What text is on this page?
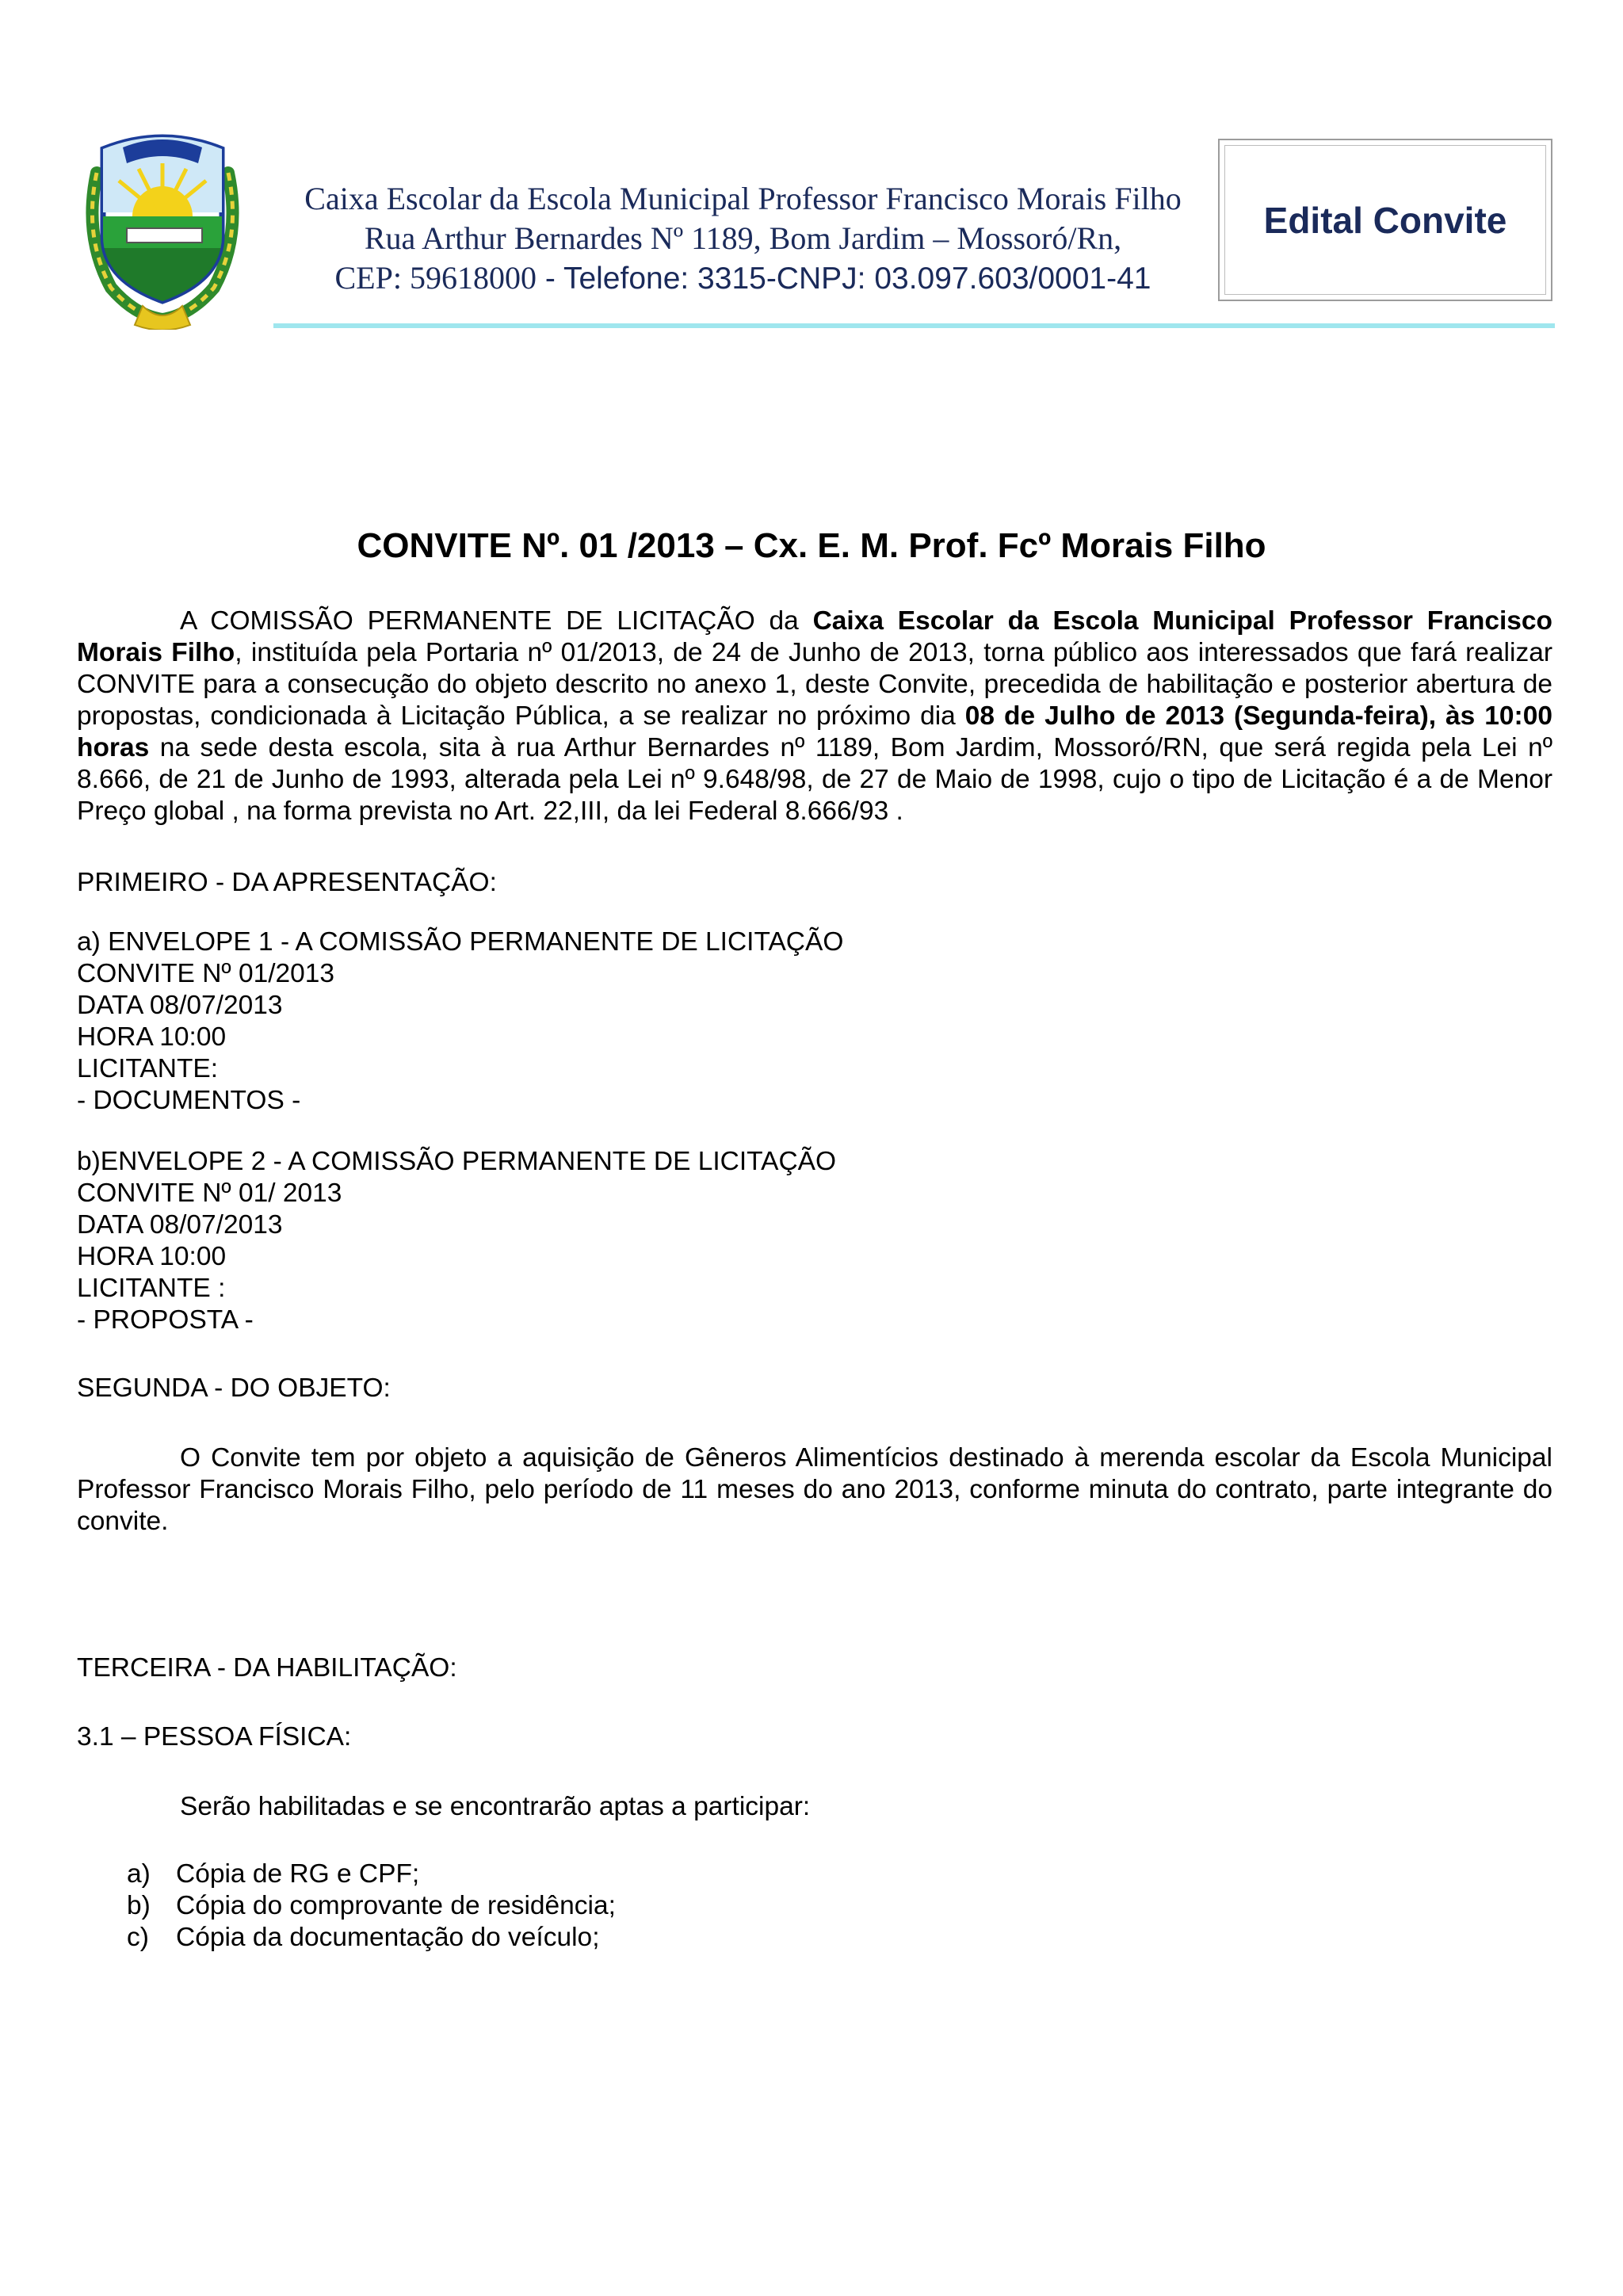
Caixa Escolar da Escola Municipal Professor Francisco Morais Filho
Rua Arthur Bernardes Nº 1189, Bom Jardim – Mossoró/Rn,
CEP: 59618000 - Telefone: 3315-CNPJ: 03.097.603/0001-41
Edital Convite
CONVITE Nº. 01 /2013 – Cx. E. M. Prof. Fcº Morais Filho
A COMISSÃO PERMANENTE DE LICITAÇÃO da Caixa Escolar da Escola Municipal Professor Francisco Morais Filho, instituída pela Portaria nº 01/2013, de 24 de Junho de 2013, torna público aos interessados que fará realizar CONVITE para a consecução do objeto descrito no anexo 1, deste Convite, precedida de habilitação e posterior abertura de propostas, condicionada à Licitação Pública, a se realizar no próximo dia 08 de Julho de 2013 (Segunda-feira), às 10:00 horas na sede desta escola, sita à rua Arthur Bernardes nº 1189, Bom Jardim, Mossoró/RN, que será regida pela Lei nº 8.666, de 21 de Junho de 1993, alterada pela Lei nº 9.648/98, de 27 de Maio de 1998, cujo o tipo de Licitação é a de Menor Preço global , na forma prevista no Art. 22,III, da lei Federal 8.666/93 .
PRIMEIRO - DA APRESENTAÇÃO:
a) ENVELOPE 1 - A COMISSÃO PERMANENTE DE LICITAÇÃO
CONVITE Nº 01/2013
DATA 08/07/2013
HORA 10:00
LICITANTE:
- DOCUMENTOS -
b)ENVELOPE 2 - A COMISSÃO PERMANENTE DE LICITAÇÃO
CONVITE Nº 01/ 2013
DATA 08/07/2013
HORA 10:00
LICITANTE :
- PROPOSTA -
SEGUNDA - DO OBJETO:
O Convite tem por objeto a aquisição de Gêneros Alimentícios destinado à merenda escolar da Escola Municipal Professor Francisco Morais Filho, pelo período de 11 meses do ano 2013, conforme minuta do contrato, parte integrante do convite.
TERCEIRA - DA HABILITAÇÃO:
3.1 – PESSOA FÍSICA:
Serão habilitadas e se encontrarão aptas a participar:
a) Cópia de RG e CPF;
b) Cópia do comprovante de residência;
c) Cópia da documentação do veículo;
